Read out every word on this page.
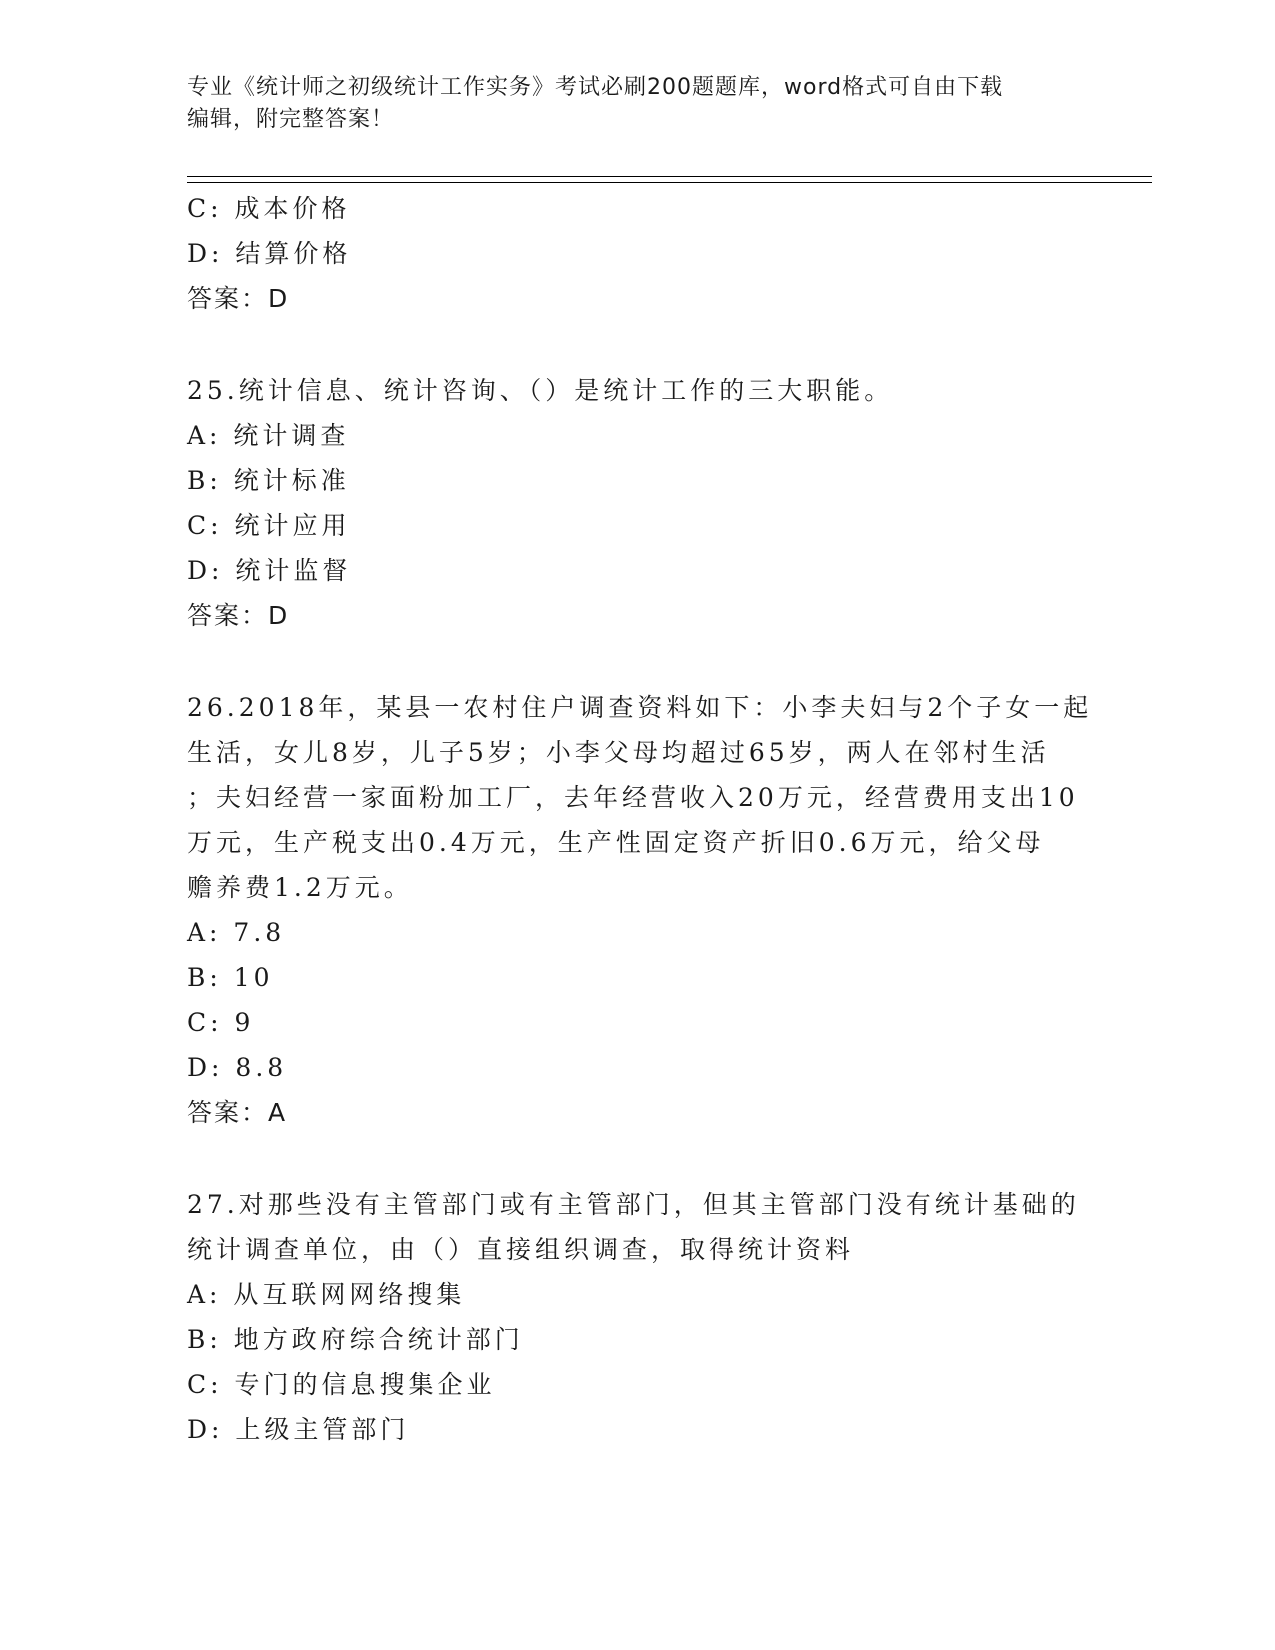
专业《统计师之初级统计工作实务》考试必刷200题题库，word格式可自由下载
编辑，附完整答案！
C: 成本价格
D: 结算价格
答案：D
25.统计信息、统计咨询、（）是统计工作的三大职能。
A: 统计调查
B: 统计标准
C: 统计应用
D: 统计监督
答案：D
26.2018年，某县一农村住户调查资料如下：小李夫妇与2个子女一起
生活，女儿8岁，儿子5岁；小李父母均超过65岁，两人在邻村生活
；夫妇经营一家面粉加工厂，去年经营收入20万元，经营费用支出10
万元，生产税支出0.4万元，生产性固定资产折旧0.6万元，给父母
赡养费1.2万元。
A: 7.8
B: 10
C: 9
D: 8.8
答案：A
27.对那些没有主管部门或有主管部门，但其主管部门没有统计基础的
统计调查单位，由（）直接组织调查，取得统计资料
A: 从互联网网络搜集
B: 地方政府综合统计部门
C: 专门的信息搜集企业
D: 上级主管部门
